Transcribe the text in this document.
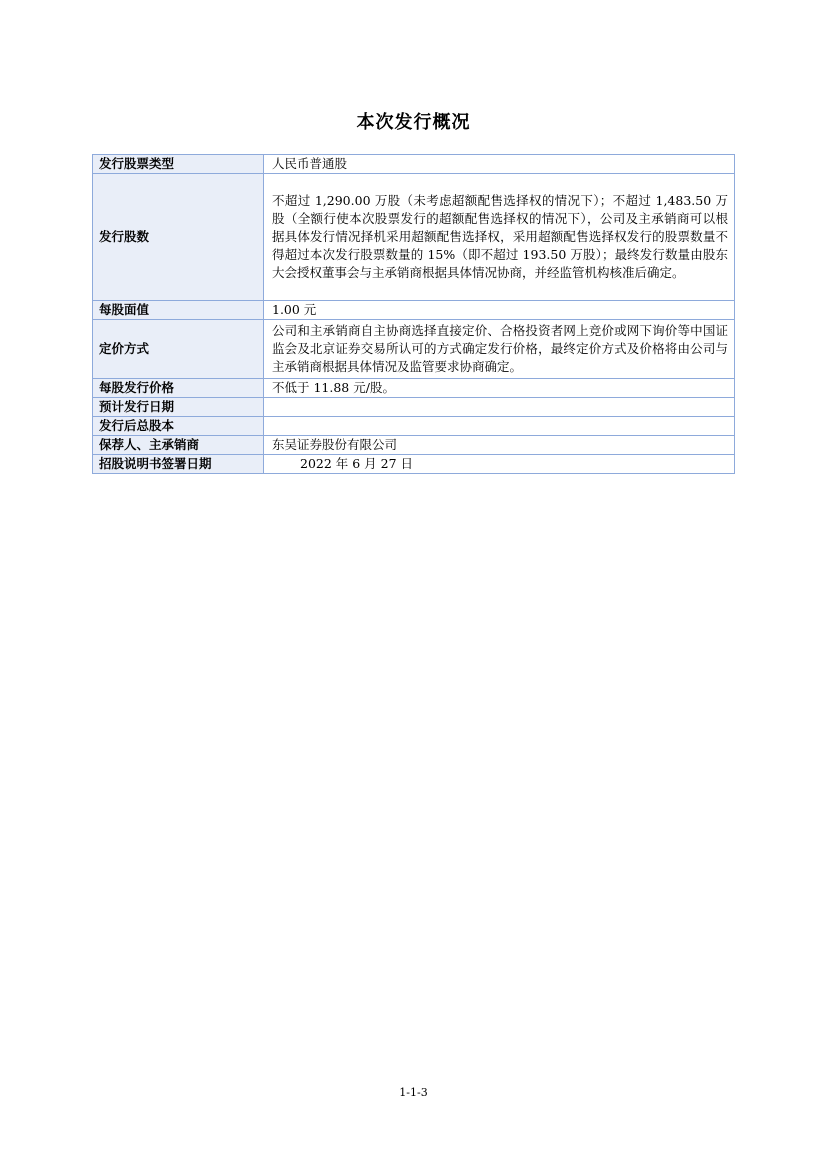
本次发行概况
发行股票类型	人民币普通股
发行股数	不超过 1,290.00 万股（未考虑超额配售选择权的情况下）；不超过 1,483.50 万股（全额行使本次股票发行的超额配售选择权的情况下），公司及主承销商可以根据具体发行情况择机采用超额配售选择权，采用超额配售选择权发行的股票数量不得超过本次发行股票数量的 15%（即不超过 193.50 万股）；最终发行数量由股东大会授权董事会与主承销商根据具体情况协商，并经监管机构核准后确定。
每股面值	1.00 元
定价方式	公司和主承销商自主协商选择直接定价、合格投资者网上竞价或网下询价等中国证监会及北京证券交易所认可的方式确定发行价格，最终定价方式及价格将由公司与主承销商根据具体情况及监管要求协商确定。
每股发行价格	不低于 11.88 元/股。
预计发行日期	
发行后总股本	
保荐人、主承销商	东吴证券股份有限公司
招股说明书签署日期	2022 年 6 月 27 日
1-1-3
